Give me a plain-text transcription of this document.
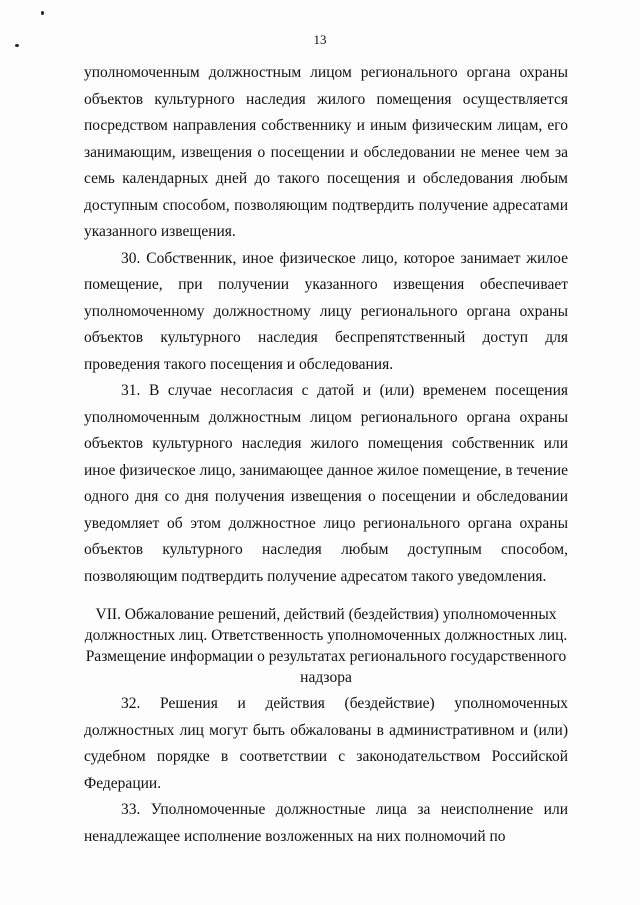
13

уполномоченным должностным лицом регионального органа охраны объектов культурного наследия жилого помещения осуществляется посредством направления собственнику и иным физическим лицам, его занимающим, извещения о посещении и обследовании не менее чем за семь календарных дней до такого посещения и обследования любым доступным способом, позволяющим подтвердить получение адресатами указанного извещения.

30. Собственник, иное физическое лицо, которое занимает жилое помещение, при получении указанного извещения обеспечивает уполномоченному должностному лицу регионального органа охраны объектов культурного наследия беспрепятственный доступ для проведения такого посещения и обследования.

31. В случае несогласия с датой и (или) временем посещения уполномоченным должностным лицом регионального органа охраны объектов культурного наследия жилого помещения собственник или иное физическое лицо, занимающее данное жилое помещение, в течение одного дня со дня получения извещения о посещении и обследовании уведомляет об этом должностное лицо регионального органа охраны объектов культурного наследия любым доступным способом, позволяющим подтвердить получение адресатом такого уведомления.

VII. Обжалование решений, действий (бездействия) уполномоченных
должностных лиц. Ответственность уполномоченных должностных лиц.
Размещение информации о результатах регионального государственного
надзора

32. Решения и действия (бездействие) уполномоченных должностных лиц могут быть обжалованы в административном и (или) судебном порядке в соответствии с законодательством Российской Федерации.

33. Уполномоченные должностные лица за неисполнение или ненадлежащее исполнение возложенных на них полномочий по
